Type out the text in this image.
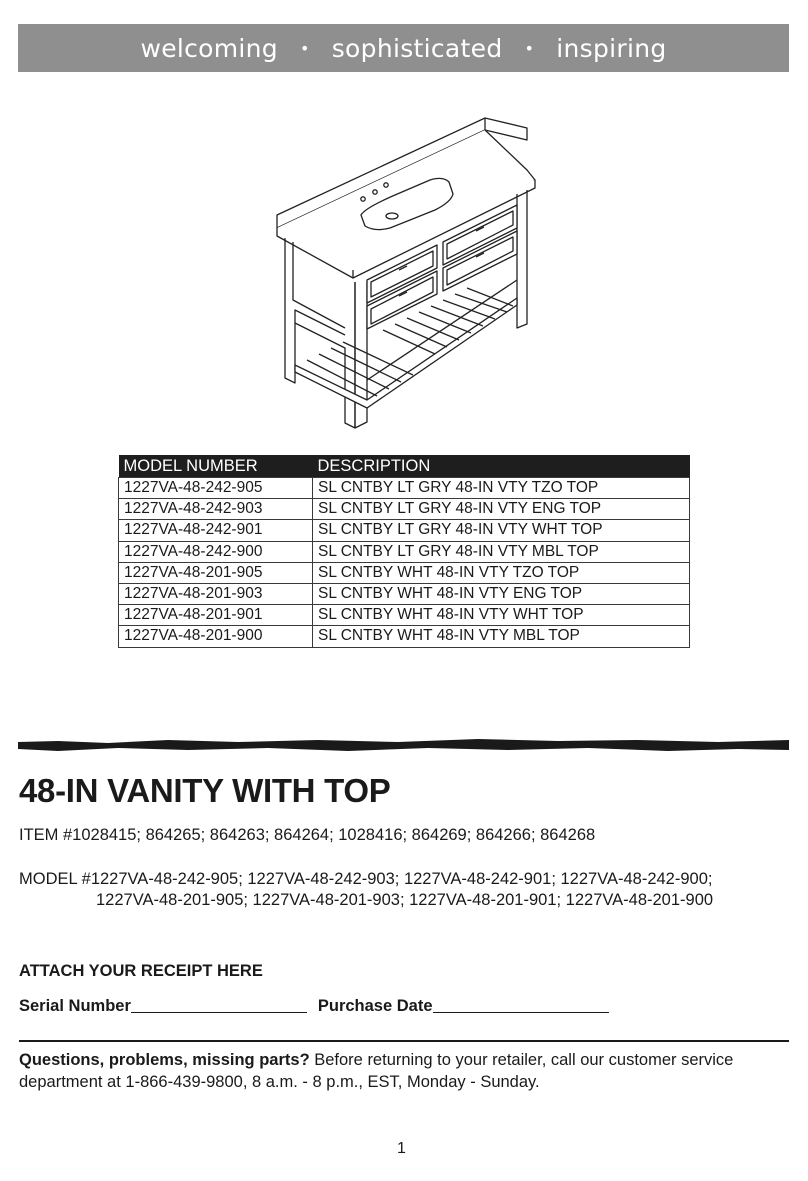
welcoming • sophisticated • inspiring
MODEL NUMBER	DESCRIPTION
1227VA-48-242-905	SL CNTBY LT GRY 48-IN VTY TZO TOP
1227VA-48-242-903	SL CNTBY LT GRY 48-IN VTY ENG TOP
1227VA-48-242-901	SL CNTBY LT GRY 48-IN VTY WHT TOP
1227VA-48-242-900	SL CNTBY LT GRY 48-IN VTY MBL TOP
1227VA-48-201-905	SL CNTBY WHT 48-IN VTY TZO TOP
1227VA-48-201-903	SL CNTBY WHT 48-IN VTY ENG TOP
1227VA-48-201-901	SL CNTBY WHT 48-IN VTY WHT TOP
1227VA-48-201-900	SL CNTBY WHT 48-IN VTY MBL TOP
48-IN VANITY WITH TOP
ITEM #1028415; 864265; 864263; 864264; 1028416; 864269; 864266; 864268
MODEL #1227VA-48-242-905; 1227VA-48-242-903; 1227VA-48-242-901; 1227VA-48-242-900;
1227VA-48-201-905; 1227VA-48-201-903; 1227VA-48-201-901; 1227VA-48-201-900
ATTACH YOUR RECEIPT HERE
Serial Number	Purchase Date
Questions, problems, missing parts? Before returning to your retailer, call our customer service department at 1-866-439-9800, 8 a.m. - 8 p.m., EST, Monday - Sunday.
1
